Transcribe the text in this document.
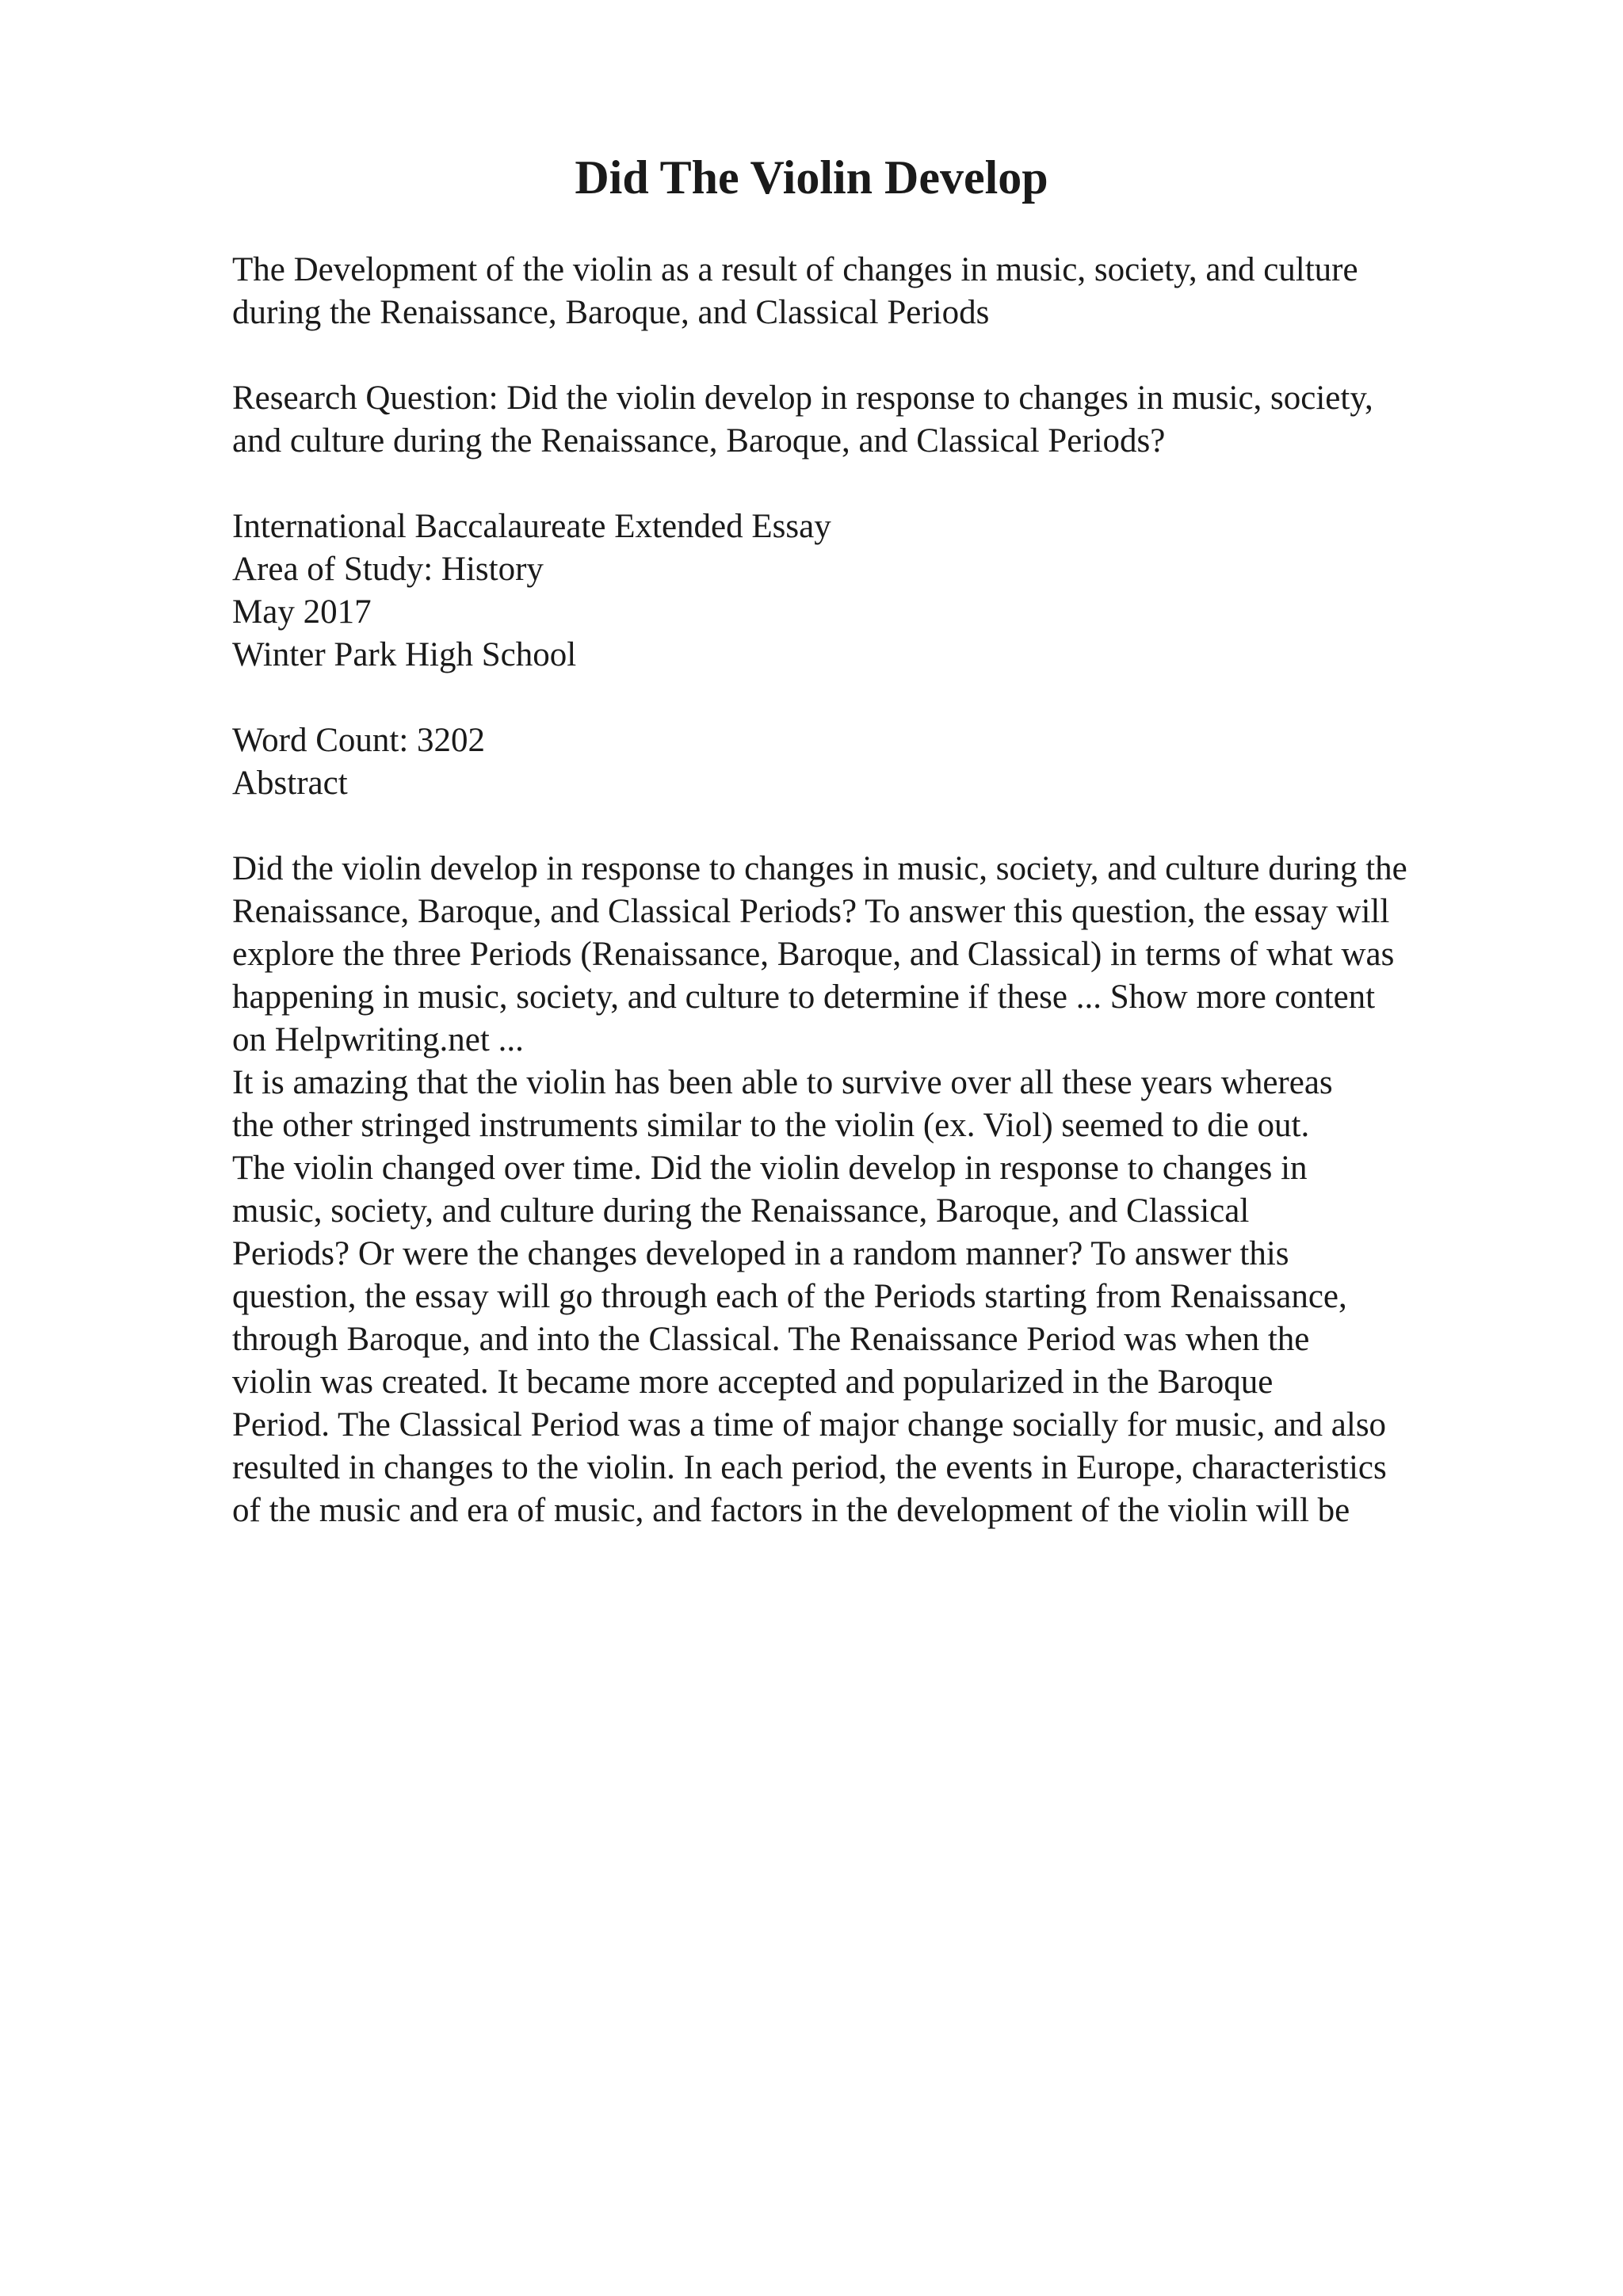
Did The Violin Develop
The Development of the violin as a result of changes in music, society, and culture
during the Renaissance, Baroque, and Classical Periods
Research Question: Did the violin develop in response to changes in music, society,
and culture during the Renaissance, Baroque, and Classical Periods?
International Baccalaureate Extended Essay
Area of Study: History
May 2017
Winter Park High School
Word Count: 3202
Abstract
Did the violin develop in response to changes in music, society, and culture during the
Renaissance, Baroque, and Classical Periods? To answer this question, the essay will
explore the three Periods (Renaissance, Baroque, and Classical) in terms of what was
happening in music, society, and culture to determine if these ... Show more content
on Helpwriting.net ...
It is amazing that the violin has been able to survive over all these years whereas
the other stringed instruments similar to the violin (ex. Viol) seemed to die out.
The violin changed over time. Did the violin develop in response to changes in
music, society, and culture during the Renaissance, Baroque, and Classical
Periods? Or were the changes developed in a random manner? To answer this
question, the essay will go through each of the Periods starting from Renaissance,
through Baroque, and into the Classical. The Renaissance Period was when the
violin was created. It became more accepted and popularized in the Baroque
Period. The Classical Period was a time of major change socially for music, and also
resulted in changes to the violin. In each period, the events in Europe, characteristics
of the music and era of music, and factors in the development of the violin will be
